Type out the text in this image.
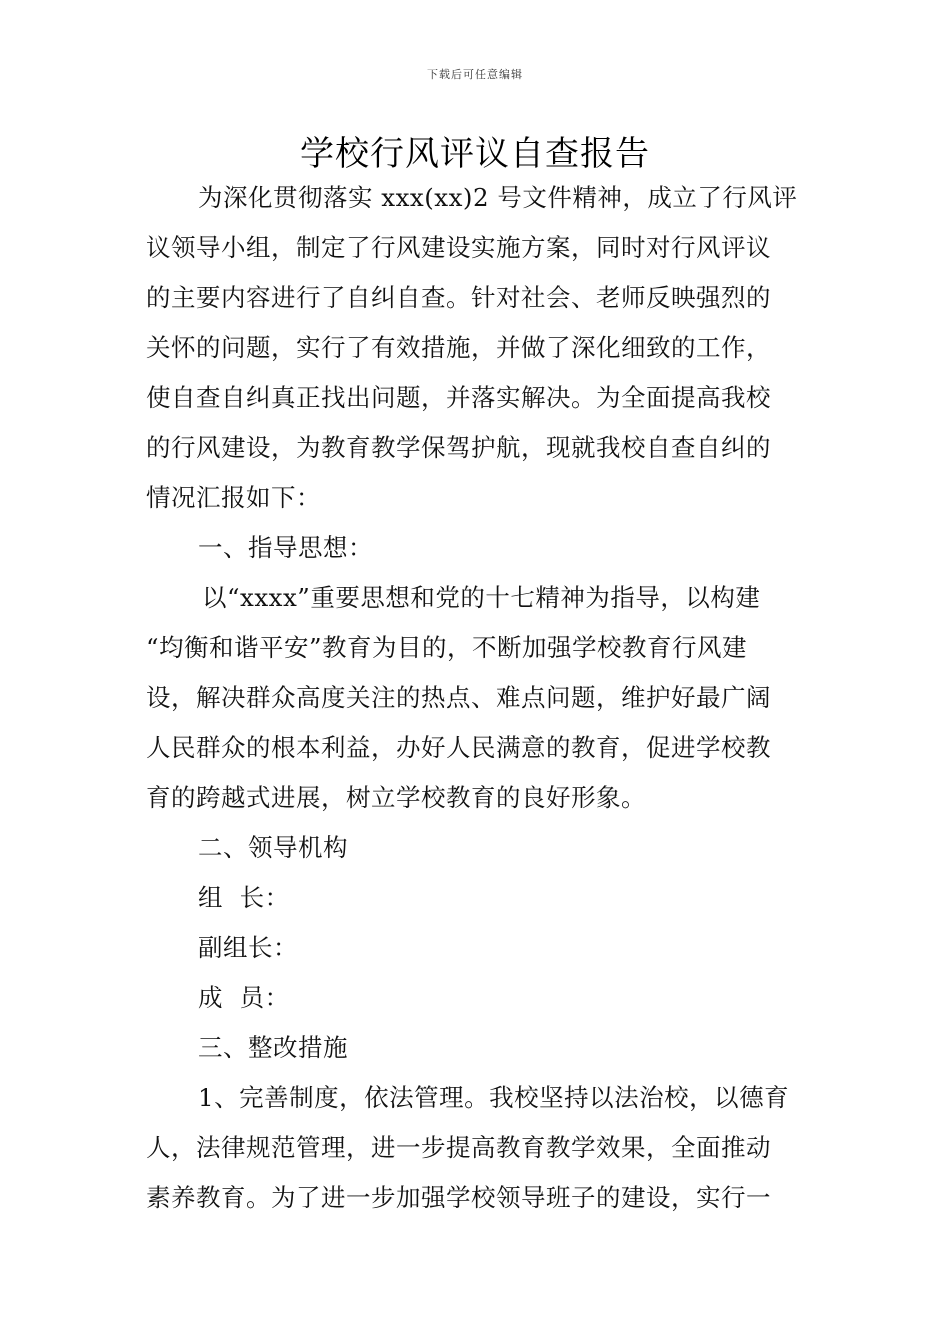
下载后可任意编辑
学校行风评议自查报告
为深化贯彻落实 xxx(xx)2 号文件精神，成立了行风评
议领导小组，制定了行风建设实施方案，同时对行风评议
的主要内容进行了自纠自查。针对社会、老师反映强烈的
关怀的问题，实行了有效措施，并做了深化细致的工作，
使自查自纠真正找出问题，并落实解决。为全面提高我校
的行风建设，为教育教学保驾护航，现就我校自查自纠的
情况汇报如下：
一、指导思想：
以“xxxx”重要思想和党的十七精神为指导，以构建
“均衡和谐平安”教育为目的，不断加强学校教育行风建
设，解决群众高度关注的热点、难点问题，维护好最广阔
人民群众的根本利益，办好人民满意的教育，促进学校教
育的跨越式进展，树立学校教育的良好形象。
二、领导机构
组  长：
副组长：
成  员：
三、整改措施
1、完善制度，依法管理。我校坚持以法治校，以德育
人，法律规范管理，进一步提高教育教学效果，全面推动
素养教育。为了进一步加强学校领导班子的建设，实行一
